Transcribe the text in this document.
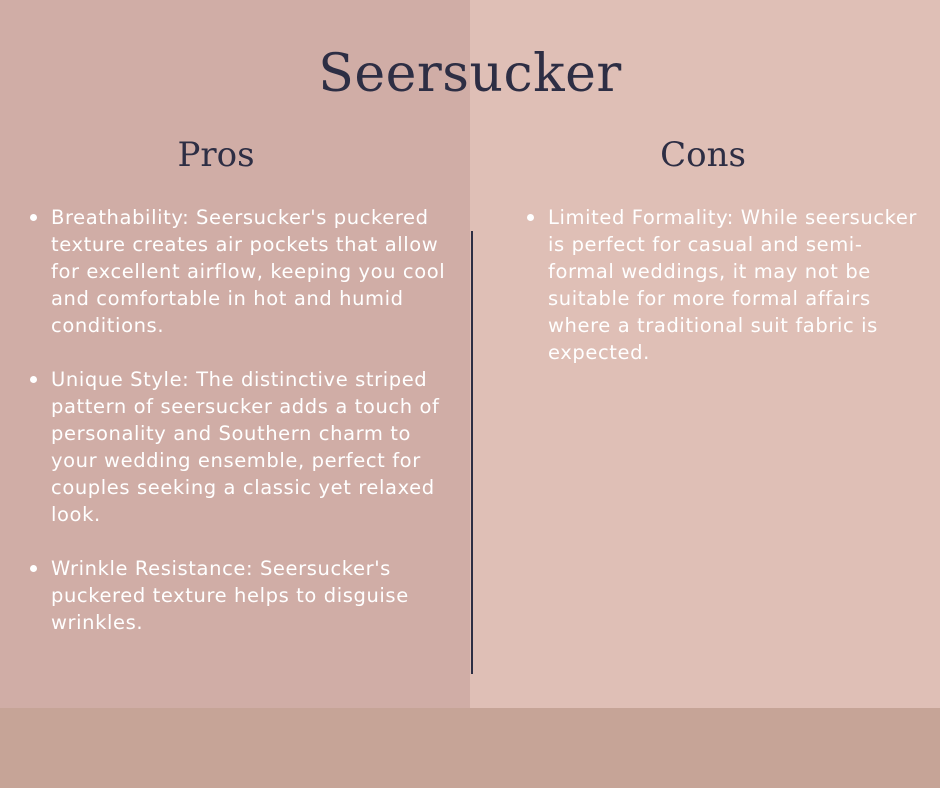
Seersucker
Pros	Cons
Breathability: Seersucker's puckered texture creates air pockets that allow for excellent airflow, keeping you cool and comfortable in hot and humid conditions.
Unique Style: The distinctive striped pattern of seersucker adds a touch of personality and Southern charm to your wedding ensemble, perfect for couples seeking a classic yet relaxed look.
Wrinkle Resistance: Seersucker's puckered texture helps to disguise wrinkles.
Limited Formality: While seersucker is perfect for casual and semi-formal weddings, it may not be suitable for more formal affairs where a traditional suit fabric is expected.
